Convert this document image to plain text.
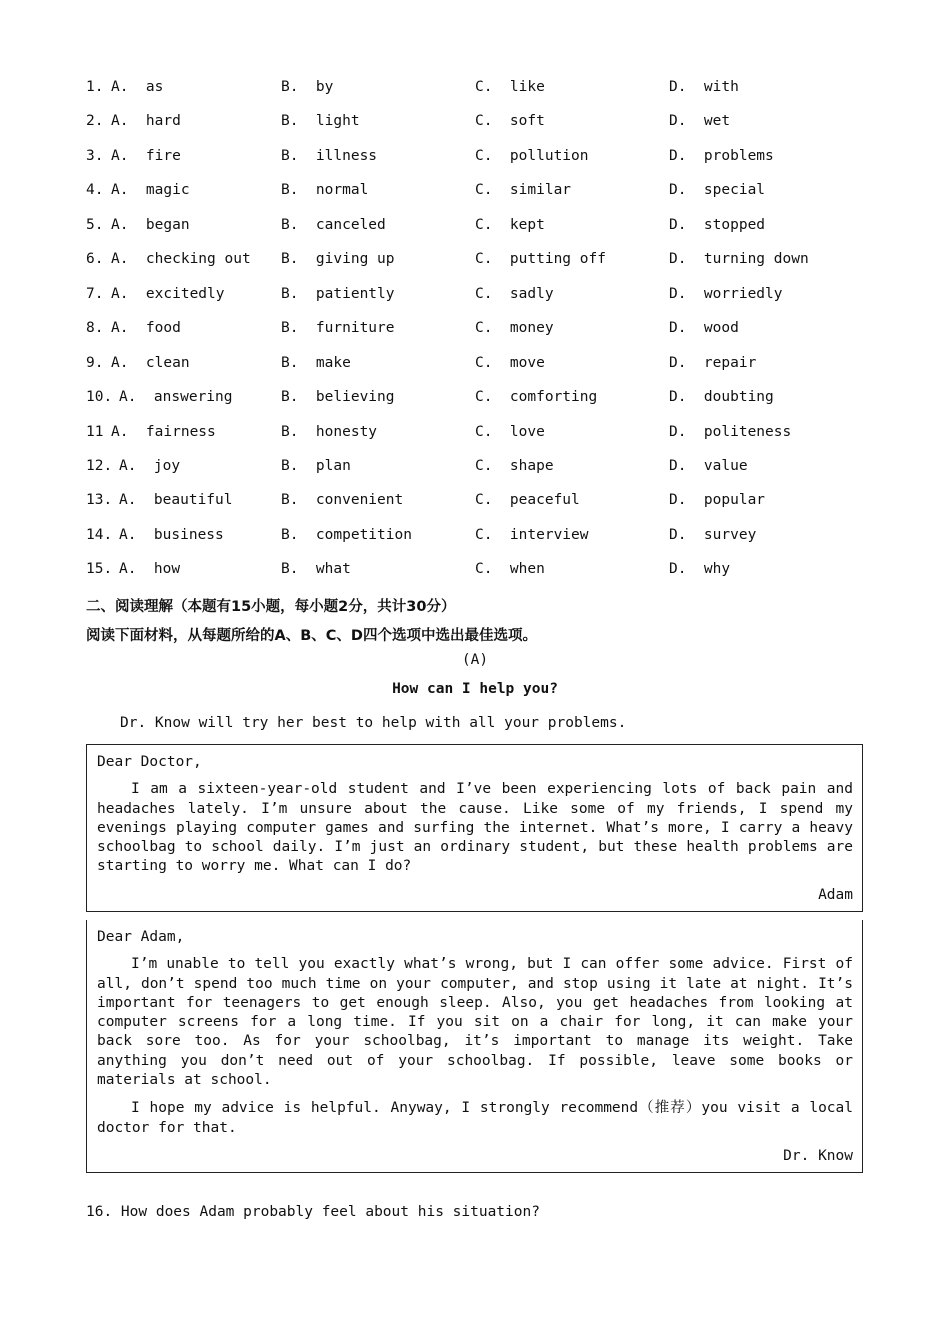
1. A.  as	B.  by	C.  like	D.  with
2. A.  hard	B.  light	C.  soft	D.  wet
3. A.  fire	B.  illness	C.  pollution	D.  problems
4. A.  magic	B.  normal	C.  similar	D.  special
5. A.  began	B.  canceled	C.  kept	D.  stopped
6. A.  checking out B.  giving up	C.  putting off	D.  turning down
7. A.  excitedly	B.  patiently	C.  sadly	D.  worriedly
8. A.  food	B.  furniture	C.  money	D.  wood
9. A.  clean	B.  make	C.  move	D.  repair
10. A.  answering	B.  believing	C.  comforting	D.  doubting
11 A.  fairness	B.  honesty	C.  love	D.  politeness
12. A.  joy	B.  plan	C.  shape	D.  value
13. A.  beautiful	B.  convenient	C.  peaceful	D.  popular
14. A.  business	B.  competition	C.  interview	D.  survey
15. A.  how	B.  what	C.  when	D.  why
二、阅读理解（本题有15小题，每小题2分，共计30分）
阅读下面材料，从每题所给的A、B、C、D四个选项中选出最佳选项。
(A)
How can I help you?
Dr. Know will try her best to help with all your problems.
Dear Doctor,
I am a sixteen-year-old student and I’ve been experiencing lots of back pain and headaches lately. I’m unsure about the cause. Like some of my friends, I spend my evenings playing computer games and surfing the internet. What’s more, I carry a heavy schoolbag to school daily. I’m just an ordinary student, but these health problems are starting to worry me. What can I do?
Adam
Dear Adam,
I’m unable to tell you exactly what’s wrong, but I can offer some advice. First of all, don’t spend too much time on your computer, and stop using it late at night. It’s important for teenagers to get enough sleep. Also, you get headaches from looking at computer screens for a long time. If you sit on a chair for long, it can make your back sore too. As for your schoolbag, it’s important to manage its weight. Take anything you don’t need out of your schoolbag. If possible, leave some books or materials at school.
I hope my advice is helpful. Anyway, I strongly recommend（推荐）you visit a local doctor for that.
Dr. Know
16. How does Adam probably feel about his situation?
